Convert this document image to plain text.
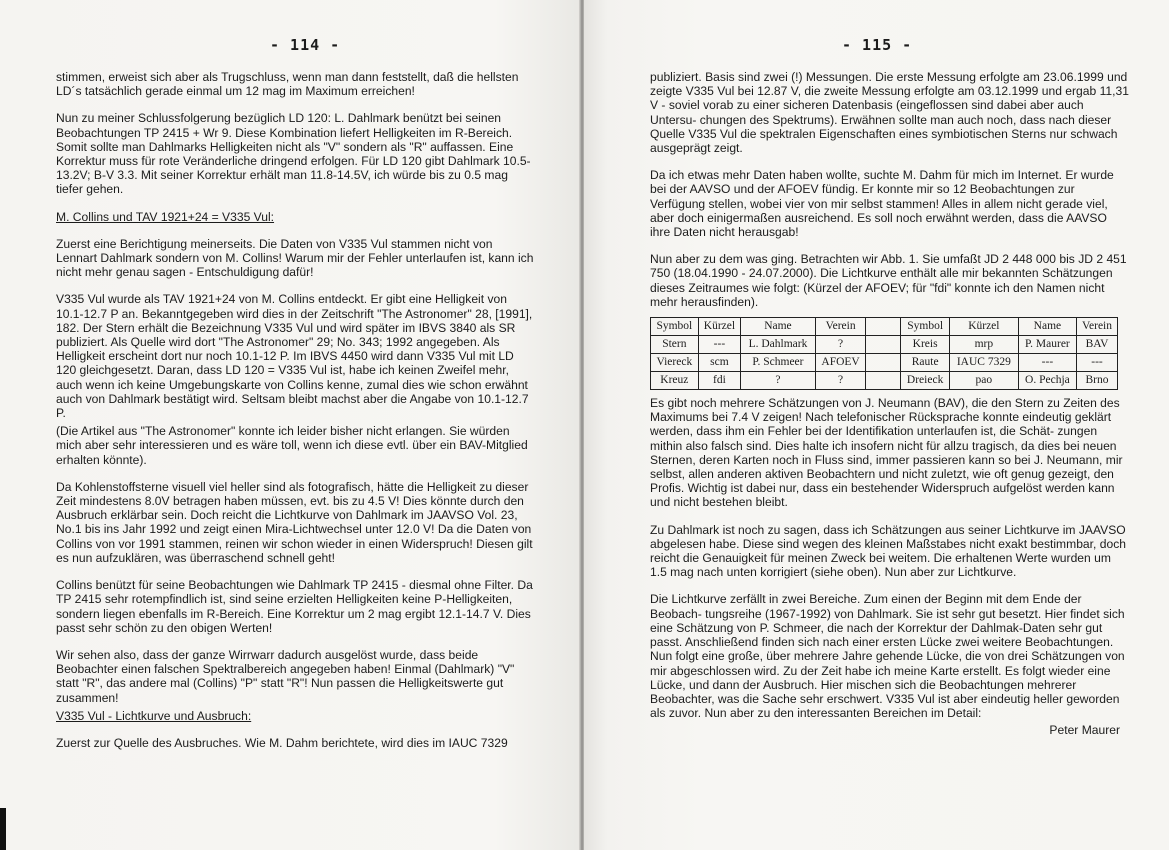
- 114 -

stimmen, erweist sich aber als Trugschluss, wenn man dann feststellt, daß die hellsten LD´s tatsächlich gerade einmal um 12 mag im Maximum erreichen!

Nun zu meiner Schlussfolgerung bezüglich LD 120: L. Dahlmark benützt bei seinen Beobachtungen TP 2415 + Wr 9. Diese Kombination liefert Helligkeiten im R-Bereich. Somit sollte man Dahlmarks Helligkeiten nicht als "V" sondern als "R" auffassen. Eine Korrektur muss für rote Veränderliche dringend erfolgen. Für LD 120 gibt Dahlmark 10.5-13.2V; B-V 3.3. Mit seiner Korrektur erhält man 11.8-14.5V, ich würde bis zu 0.5 mag tiefer gehen.

M. Collins und TAV 1921+24 = V335 Vul:

Zuerst eine Berichtigung meinerseits. Die Daten von V335 Vul stammen nicht von Lennart Dahlmark sondern von M. Collins! Warum mir der Fehler unterlaufen ist, kann ich nicht mehr genau sagen - Entschuldigung dafür!

V335 Vul wurde als TAV 1921+24 von M. Collins entdeckt. Er gibt eine Helligkeit von 10.1-12.7 P an. Bekanntgegeben wird dies in der Zeitschrift "The Astronomer" 28, [1991], 182. Der Stern erhält die Bezeichnung V335 Vul und wird später im IBVS 3840 als SR publiziert. Als Quelle wird dort "The Astronomer" 29; No. 343; 1992 angegeben. Als Helligkeit erscheint dort nur noch 10.1-12 P. Im IBVS 4450 wird dann V335 Vul mit LD 120 gleichgesetzt. Daran, dass LD 120 = V335 Vul ist, habe ich keinen Zweifel mehr, auch wenn ich keine Umgebungskarte von Collins kenne, zumal dies wie schon erwähnt auch von Dahlmark bestätigt wird. Seltsam bleibt machst aber die Angabe von 10.1-12.7 P.

(Die Artikel aus "The Astronomer" konnte ich leider bisher nicht erlangen. Sie würden mich aber sehr interessieren und es wäre toll, wenn ich diese evtl. über ein BAV-Mitglied erhalten könnte).

Da Kohlenstoffsterne visuell viel heller sind als fotografisch, hätte die Helligkeit zu dieser Zeit mindestens 8.0V betragen haben müssen, evt. bis zu 4.5 V! Dies könnte durch den Ausbruch erklärbar sein. Doch reicht die Lichtkurve von Dahlmark im JAAVSO Vol. 23, No.1 bis ins Jahr 1992 und zeigt einen Mira-Lichtwechsel unter 12.0 V! Da die Daten von Collins von vor 1991 stammen, reinen wir schon wieder in einen Widerspruch! Diesen gilt es nun aufzuklären, was überraschend schnell geht!

Collins benützt für seine Beobachtungen wie Dahlmark TP 2415 - diesmal ohne Filter. Da TP 2415 sehr rotempfindlich ist, sind seine erzielten Helligkeiten keine P-Helligkeiten, sondern liegen ebenfalls im R-Bereich. Eine Korrektur um 2 mag ergibt 12.1-14.7 V. Dies passt sehr schön zu den obigen Werten!

Wir sehen also, dass der ganze Wirrwarr dadurch ausgelöst wurde, dass beide Beobachter einen falschen Spektralbereich angegeben haben! Einmal (Dahlmark) "V" statt "R", das andere mal (Collins) "P" statt "R"! Nun passen die Helligkeitswerte gut zusammen!

V335 Vul - Lichtkurve und Ausbruch:

Zuerst zur Quelle des Ausbruches. Wie M. Dahm berichtete, wird dies im IAUC 7329

- 115 -

publiziert. Basis sind zwei (!) Messungen. Die erste Messung erfolgte am 23.06.1999 und zeigte V335 Vul bei 12.87 V, die zweite Messung erfolgte am 03.12.1999 und ergab 11,31 V - soviel vorab zu einer sicheren Datenbasis (eingeflossen sind dabei aber auch Untersu- chungen des Spektrums). Erwähnen sollte man auch noch, dass nach dieser Quelle V335 Vul die spektralen Eigenschaften eines symbiotischen Sterns nur schwach ausgeprägt zeigt.

Da ich etwas mehr Daten haben wollte, suchte M. Dahm für mich im Internet. Er wurde bei der AAVSO und der AFOEV fündig. Er konnte mir so 12 Beobachtungen zur Verfügung stellen, wobei vier von mir selbst stammen! Alles in allem nicht gerade viel, aber doch einigermaßen ausreichend. Es soll noch erwähnt werden, dass die AAVSO ihre Daten nicht herausgab!

Nun aber zu dem was ging. Betrachten wir Abb. 1. Sie umfaßt JD 2 448 000 bis JD 2 451 750 (18.04.1990 - 24.07.2000). Die Lichtkurve enthält alle mir bekannten Schätzungen dieses Zeitraumes wie folgt: (Kürzel der AFOEV; für "fdi" konnte ich den Namen nicht mehr herausfinden).

Symbol	Kürzel	Name	Verein		Symbol	Kürzel	Name	Verein
Stern	---	L. Dahlmark	?		Kreis	mrp	P. Maurer	BAV
Viereck	scm	P. Schmeer	AFOEV		Raute	IAUC 7329	---	---
Kreuz	fdi	?	?		Dreieck	pao	O. Pechja	Brno

Es gibt noch mehrere Schätzungen von J. Neumann (BAV), die den Stern zu Zeiten des Maximums bei 7.4 V zeigen! Nach telefonischer Rücksprache konnte eindeutig geklärt werden, dass ihm ein Fehler bei der Identifikation unterlaufen ist, die Schät- zungen mithin also falsch sind. Dies halte ich insofern nicht für allzu tragisch, da dies bei neuen Sternen, deren Karten noch in Fluss sind, immer passieren kann so bei J. Neumann, mir selbst, allen anderen aktiven Beobachtern und nicht zuletzt, wie oft genug gezeigt, den Profis. Wichtig ist dabei nur, dass ein bestehender Widerspruch aufgelöst werden kann und nicht bestehen bleibt.

Zu Dahlmark ist noch zu sagen, dass ich Schätzungen aus seiner Lichtkurve im JAAVSO abgelesen habe. Diese sind wegen des kleinen Maßstabes nicht exakt bestimmbar, doch reicht die Genauigkeit für meinen Zweck bei weitem. Die erhaltenen Werte wurden um 1.5 mag nach unten korrigiert (siehe oben). Nun aber zur Lichtkurve.

Die Lichtkurve zerfällt in zwei Bereiche. Zum einen der Beginn mit dem Ende der Beobach- tungsreihe (1967-1992) von Dahlmark. Sie ist sehr gut besetzt. Hier findet sich eine Schätzung von P. Schmeer, die nach der Korrektur der Dahlmak-Daten sehr gut passt. Anschließend finden sich nach einer ersten Lücke zwei weitere Beobachtungen. Nun folgt eine große, über mehrere Jahre gehende Lücke, die von drei Schätzungen von mir abgeschlossen wird. Zu der Zeit habe ich meine Karte erstellt. Es folgt wieder eine Lücke, und dann der Ausbruch. Hier mischen sich die Beobachtungen mehrerer Beobachter, was die Sache sehr erschwert. V335 Vul ist aber eindeutig heller geworden als zuvor. Nun aber zu den interessanten Bereichen im Detail:

Peter Maurer
